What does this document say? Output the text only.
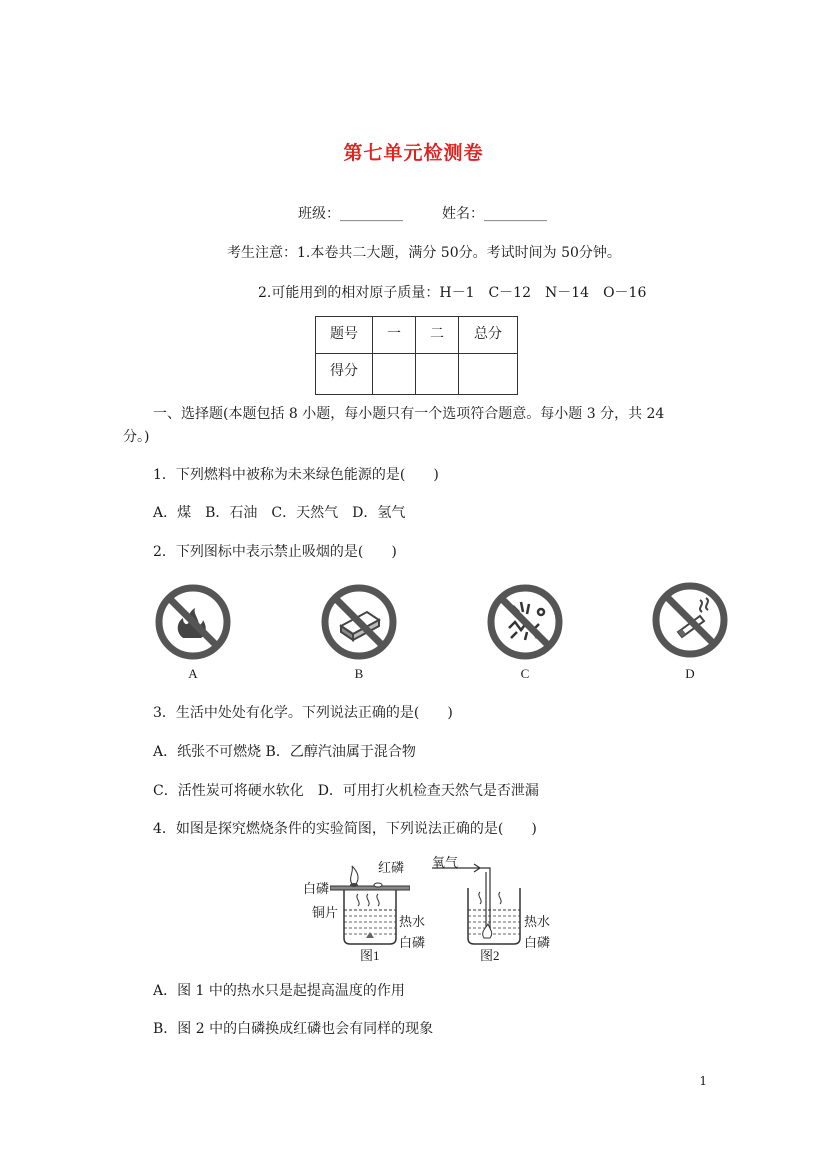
第七单元检测卷
班级：_________	姓名：_________
考生注意：1.本卷共二大题，满分 50分。考试时间为 50分钟。
2.可能用到的相对原子质量：H－1　C－12　N－14　O－16
题号	一	二	总分
得分			
一、选择题(本题包括 8 小题，每小题只有一个选项符合题意。每小题 3 分，共 24
分。)
1．下列燃料中被称为未来绿色能源的是(　　)
A．煤　B．石油　C．天然气　D．氢气
2．下列图标中表示禁止吸烟的是(　　)
A	B	C	D
3．生活中处处有化学。下列说法正确的是(　　)
A．纸张不可燃烧 B．乙醇汽油属于混合物
C．活性炭可将硬水软化　D．可用打火机检查天然气是否泄漏
4．如图是探究燃烧条件的实验简图，下列说法正确的是(　　)
红磷
白磷
铜片
热水
白磷
图1
氧气
热水
白磷
图2
A．图 1 中的热水只是起提高温度的作用
B．图 2 中的白磷换成红磷也会有同样的现象
1
